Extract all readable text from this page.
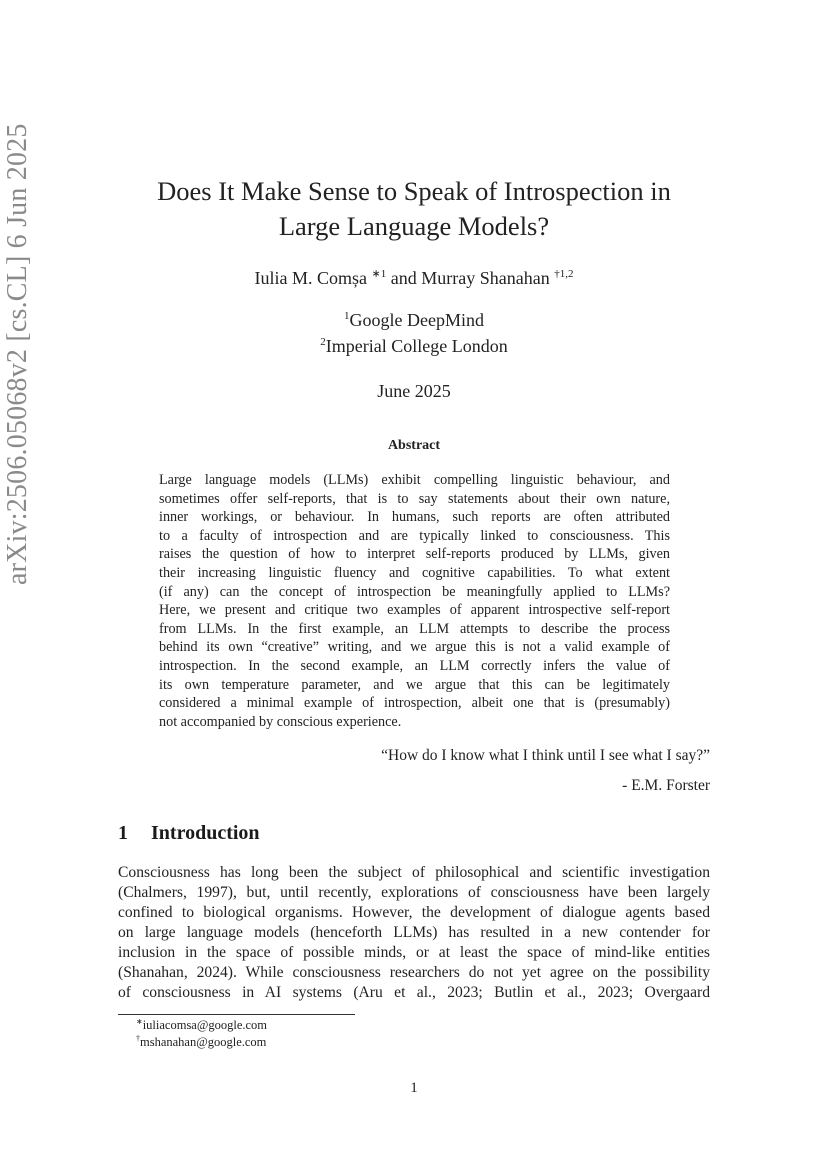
arXiv:2506.05068v2 [cs.CL] 6 Jun 2025	Does It Make Sense to Speak of Introspection in
Large Language Models?
Iulia M. Comșa $^{∗1}$ and Murray Shanahan $^{\dagger 1,2}$
$^1$Google DeepMind
$^2$Imperial College London
June 2025
Abstract
Large language models (LLMs) exhibit compelling linguistic behaviour, and
sometimes offer self-reports, that is to say statements about their own nature,
inner workings, or behaviour. In humans, such reports are often attributed
to a faculty of introspection and are typically linked to consciousness. This
raises the question of how to interpret self-reports produced by LLMs, given
their increasing linguistic fluency and cognitive capabilities. To what extent
(if any) can the concept of introspection be meaningfully applied to LLMs?
Here, we present and critique two examples of apparent introspective self-report
from LLMs. In the first example, an LLM attempts to describe the process
behind its own “creative” writing, and we argue this is not a valid example of
introspection. In the second example, an LLM correctly infers the value of
its own temperature parameter, and we argue that this can be legitimately
considered a minimal example of introspection, albeit one that is (presumably)
not accompanied by conscious experience.
“How do I know what I think until I see what I say?”
- E.M. Forster
1 Introduction
Consciousness has long been the subject of philosophical and scientific investigation
(Chalmers, 1997), but, until recently, explorations of consciousness have been largely
confined to biological organisms. However, the development of dialogue agents based
on large language models (henceforth LLMs) has resulted in a new contender for
inclusion in the space of possible minds, or at least the space of mind-like entities
(Shanahan, 2024). While consciousness researchers do not yet agree on the possibility
of consciousness in AI systems (Aru et al., 2023; Butlin et al., 2023; Overgaard
∗iuliacomsa@google.com
†mshanahan@google.com
1
